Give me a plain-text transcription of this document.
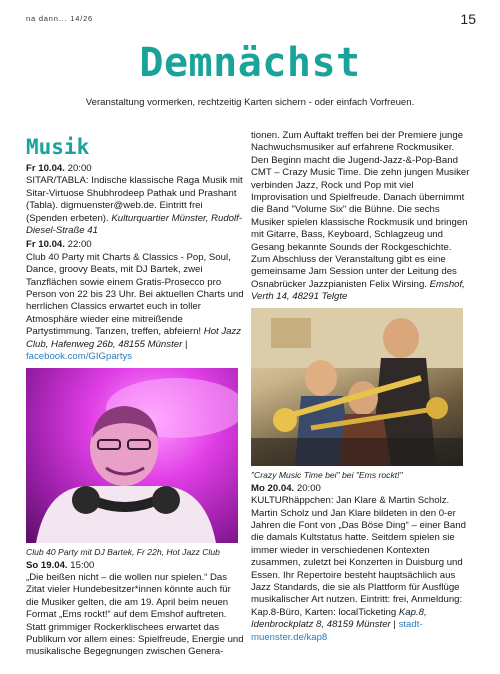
na dann... 14/26	15
Demnächst
Veranstaltung vormerken, rechtzeitig Karten sichern - oder einfach Vorfreuen.
Musik
Fr 10.04. 20:00
SITAR/TABLA: Indische klassische Raga Musik mit Sitar-Virtuose Shubhrodeep Pathak und Prashant (Tabla). digmuenster@web.de. Eintritt frei (Spenden erbeten). Kulturquartier Münster, Rudolf-Diesel-Straße 41
Fr 10.04. 22:00
Club 40 Party mit Charts & Classics - Pop, Soul, Dance, groovy Beats, mit DJ Bartek, zwei Tanzflächen sowie einem Gratis-Prosecco pro Person von 22 bis 23 Uhr. Bei aktuellen Charts und herrlichen Classics erwartet euch in toller Atmosphäre wieder eine mitreißende Partystimmung. Tanzen, treffen, abfeiern! Hot Jazz Club, Hafenweg 26b, 48155 Münster | facebook.com/GIGpartys
Club 40 Party mit DJ Bartek, Fr 22h, Hot Jazz Club
So 19.04. 15:00
„Die beißen nicht – die wollen nur spielen.“ Das Zitat vieler Hundebesitzer*innen könnte auch für die Musiker gelten, die am 19. April beim neuen Format „Ems rockt!“ auf dem Emshof auftreten. Statt grimmiger Rockerklischees erwartet das Publikum vor allem eines: Spielfreude, Energie und musikalische Begegnungen zwischen Genera-
tionen. Zum Auftakt treffen bei der Premiere junge Nachwuchsmusiker auf erfahrene Rockmusiker. Den Beginn macht die Jugend-Jazz-&-Pop-Band CMT – Crazy Music Time. Die zehn jungen Musiker verbinden Jazz, Rock und Pop mit viel Improvisation und Spielfreude. Danach übernimmt die Band "Volume Six" die Bühne. Die sechs Musiker spielen klassische Rockmusik und bringen mit Gitarre, Bass, Keyboard, Schlagzeug und Gesang bekannte Sounds der Rockgeschichte. Zum Abschluss der Veranstaltung gibt es eine gemeinsame Jam Session unter der Leitung des Osnabrücker Jazzpianisten Felix Wirsing. Emshof, Verth 14, 48291 Telgte
"Crazy Music Time bei" bei "Ems rockt!"
Mo 20.04. 20:00
KULTURhäppchen: Jan Klare & Martin Scholz. Martin Scholz und Jan Klare bildeten in den 0-er Jahren die Font von „Das Böse Ding“ – einer Band die damals Kultstatus hatte. Seitdem spielen sie immer wieder in verschiedenen Kontexten zusammen, zuletzt bei Konzerten in Duisburg und Essen. Ihr Repertoire besteht hauptsächlich aus Jazz Standards, die sie als Plattform für Ausflüge musikalischer Art nutzen. Eintritt: frei, Anmeldung: Kap.8-Büro, Karten: localTicketing Kap.8, Idenbrockplatz 8, 48159 Münster | stadt-muenster.de/kap8
